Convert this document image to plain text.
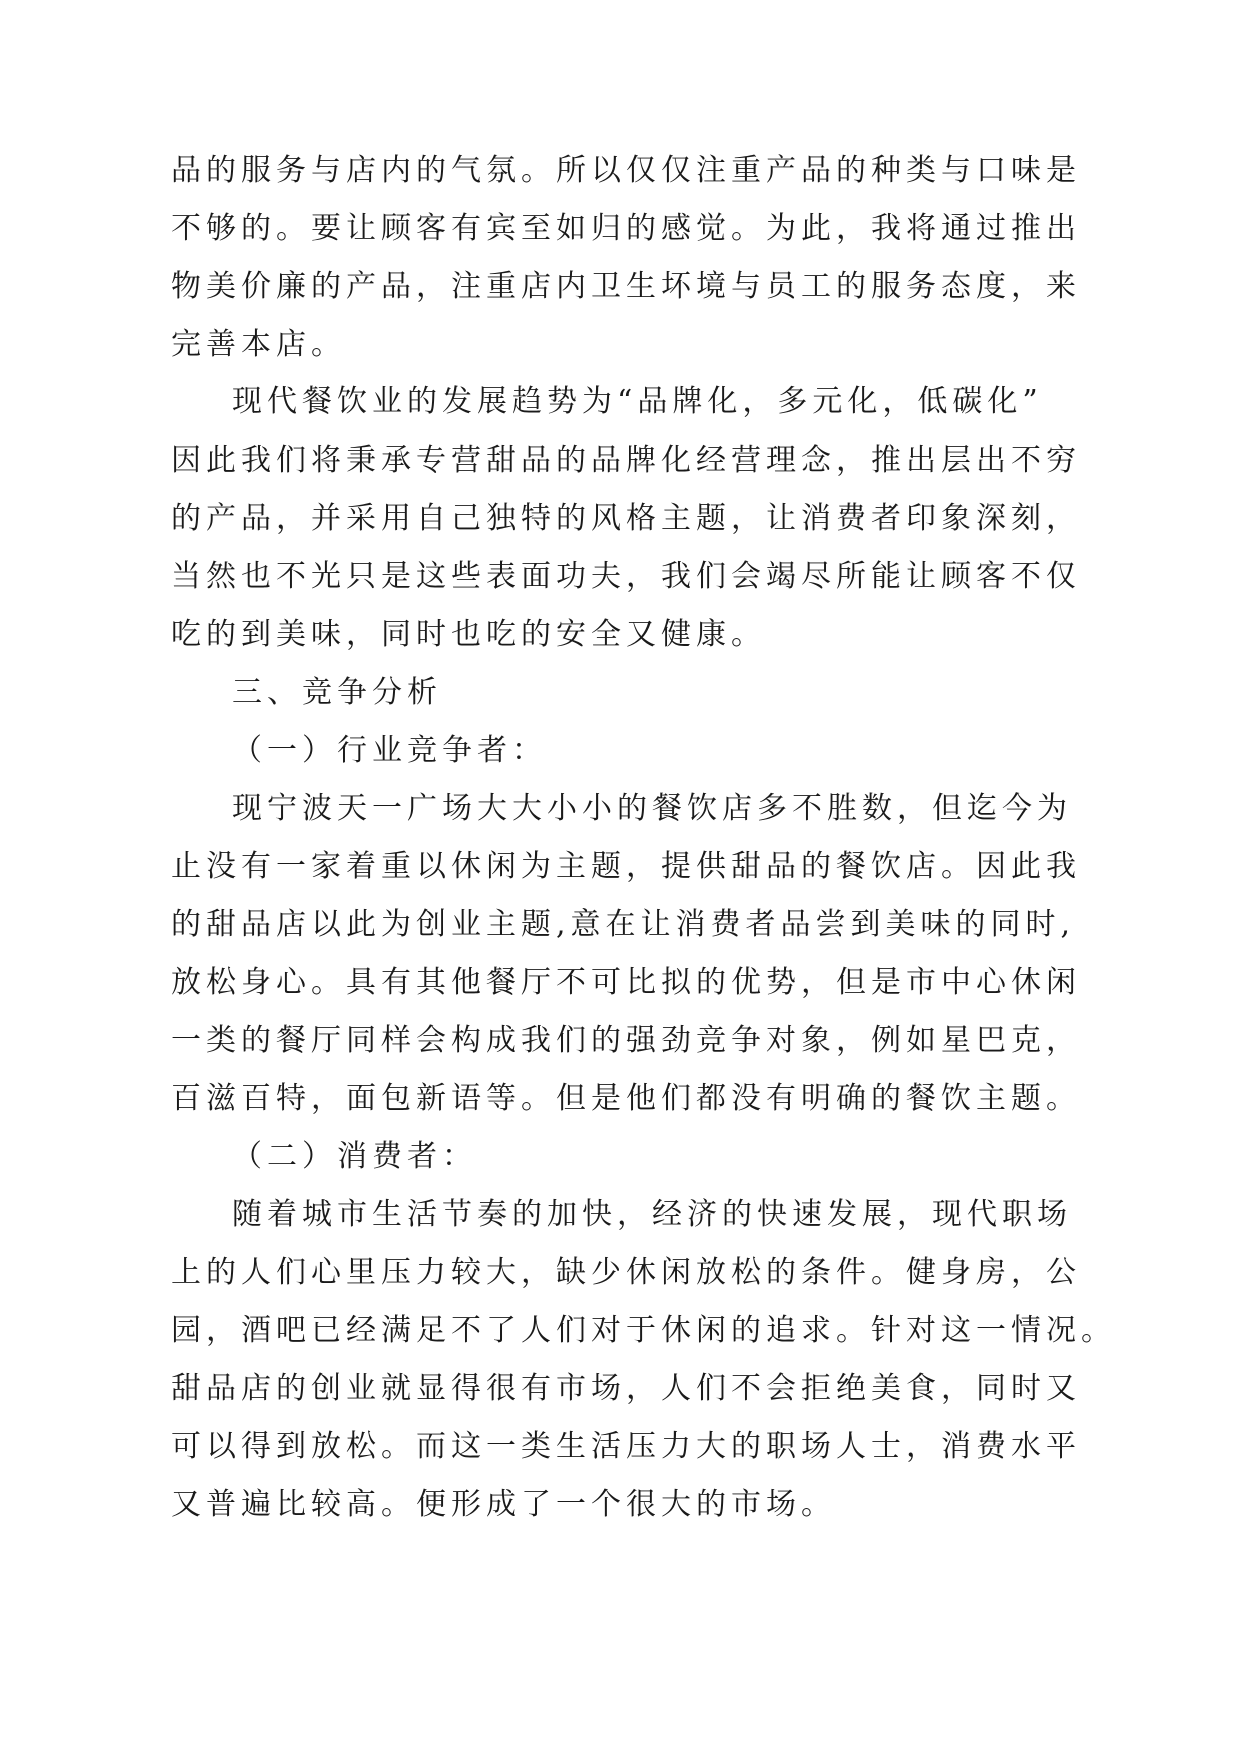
品的服务与店内的气氛。所以仅仅注重产品的种类与口味是
不够的。要让顾客有宾至如归的感觉。为此，我将通过推出
物美价廉的产品，注重店内卫生坏境与员工的服务态度，来
完善本店。
现代餐饮业的发展趋势为“品牌化，多元化，低碳化”
因此我们将秉承专营甜品的品牌化经营理念，推出层出不穷
的产品，并采用自己独特的风格主题，让消费者印象深刻，
当然也不光只是这些表面功夫，我们会竭尽所能让顾客不仅
吃的到美味，同时也吃的安全又健康。
三、竞争分析
（一）行业竞争者：
现宁波天一广场大大小小的餐饮店多不胜数，但迄今为
止没有一家着重以休闲为主题，提供甜品的餐饮店。因此我
的甜品店以此为创业主题,意在让消费者品尝到美味的同时,
放松身心。具有其他餐厅不可比拟的优势，但是市中心休闲
一类的餐厅同样会构成我们的强劲竞争对象，例如星巴克，
百滋百特，面包新语等。但是他们都没有明确的餐饮主题。
（二）消费者：
随着城市生活节奏的加快，经济的快速发展，现代职场
上的人们心里压力较大，缺少休闲放松的条件。健身房，公
园，酒吧已经满足不了人们对于休闲的追求。针对这一情况。
甜品店的创业就显得很有市场，人们不会拒绝美食，同时又
可以得到放松。而这一类生活压力大的职场人士，消费水平
又普遍比较高。便形成了一个很大的市场。
